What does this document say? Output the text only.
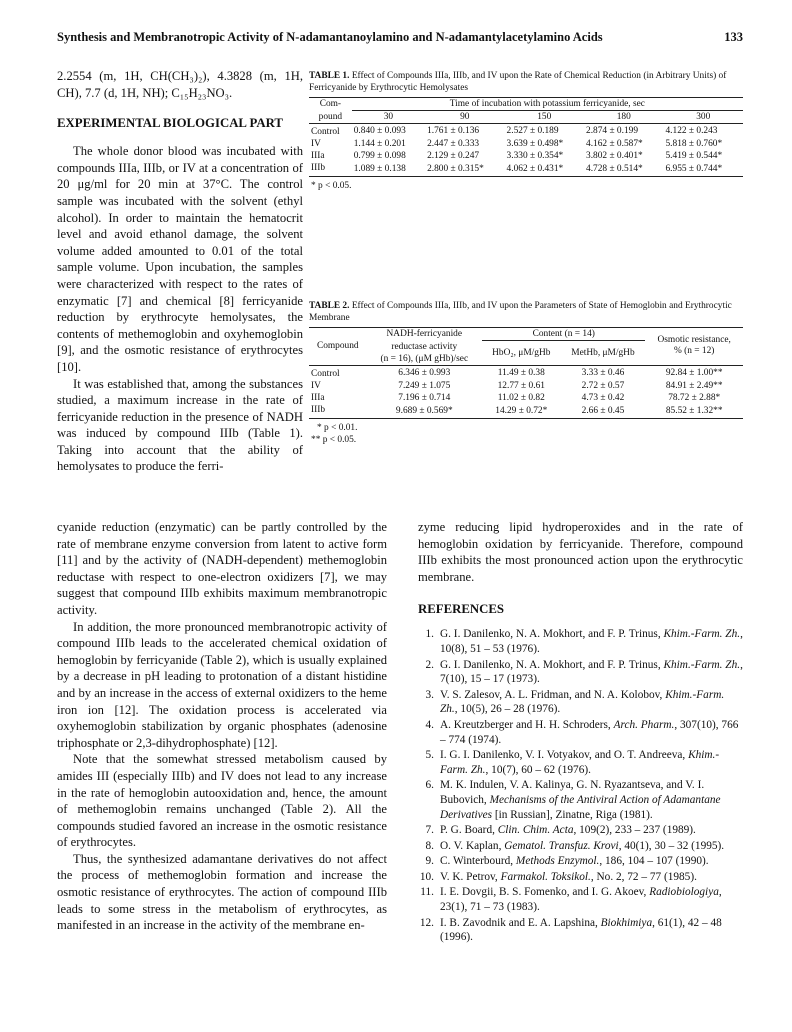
Synthesis and Membranotropic Activity of N-adamantanoylamino and N-adamantylacetylamino Acids	133

2.2554 (m, 1H, CH(CH₃)₂), 4.3828 (m, 1H, CH), 7.7 (d, 1H, NH); C₁₅H₂₃NO₃.

EXPERIMENTAL BIOLOGICAL PART

The whole donor blood was incubated with compounds IIIa, IIIb, or IV at a concentration of 20 μg/ml for 20 min at 37°C. The control sample was incubated with the solvent (ethyl alcohol). In order to maintain the hematocrit level and avoid ethanol damage, the solvent volume added amounted to 0.01 of the total sample volume. Upon incubation, the samples were characterized with respect to the rates of enzymatic [7] and chemical [8] ferricyanide reduction by erythrocyte hemolysates, the contents of methemoglobin and oxyhemoglobin [9], and the osmotic resistance of erythrocytes [10].

It was established that, among the substances studied, a maximum increase in the rate of ferricyanide reduction in the presence of NADH was induced by compound IIIb (Table 1). Taking into account that the ability of hemolysates to produce the ferri-

TABLE 1. Effect of Compounds IIIa, IIIb, and IV upon the Rate of Chemical Reduction (in Arbitrary Units) of Ferricyanide by Erythrocytic Hemolysates

Com-	Time of incubation with potassium ferricyanide, sec				
pound	30	90	150	180	300
Control	0.840 ± 0.093	1.761 ± 0.136	2.527 ± 0.189	2.874 ± 0.199	4.122 ± 0.243
IV	1.144 ± 0.201	2.447 ± 0.333	3.639 ± 0.498*	4.162 ± 0.587*	5.818 ± 0.760*
IIIa	0.799 ± 0.098	2.129 ± 0.247	3.330 ± 0.354*	3.802 ± 0.401*	5.419 ± 0.544*
IIIb	1.089 ± 0.138	2.800 ± 0.315*	4.062 ± 0.431*	4.728 ± 0.514*	6.955 ± 0.744*
* p < 0.05.

TABLE 2. Effect of Compounds IIIa, IIIb, and IV upon the Parameters of State of Hemoglobin and Erythrocytic Membrane

Compound	NADH-ferricyanide	Content (n = 14)		Osmotic resistance,
% (n = 12)
	reductase activity	HbO₂, μM/gHb	MetHb, μM/gHb	
	(n = 16), (μM gHb)/sec			
Control	6.346 ± 0.993	11.49 ± 0.38	3.33 ± 0.46	92.84 ± 1.00**
IV	7.249 ± 1.075	12.77 ± 0.61	2.72 ± 0.57	84.91 ± 2.49**
IIIa	7.196 ± 0.714	11.02 ± 0.82	4.73 ± 0.42	78.72 ± 2.88*
IIIb	9.689 ± 0.569*	14.29 ± 0.72*	2.66 ± 0.45	85.52 ± 1.32**
* p < 0.01.
** p < 0.05.

cyanide reduction (enzymatic) can be partly controlled by the rate of membrane enzyme conversion from latent to active form [11] and by the activity of (NADH-dependent) methemoglobin reductase with respect to one-electron oxidizers [7], we may suggest that compound IIIb exhibits maximum membranotropic activity.

In addition, the more pronounced membranotropic activity of compound IIIb leads to the accelerated chemical oxidation of hemoglobin by ferricyanide (Table 2), which is usually explained by a decrease in pH leading to protonation of a distant histidine and by an increase in the access of external oxidizers to the heme iron ion [12]. The oxidation process is accelerated via oxyhemoglobin stabilization by organic phosphates (adenosine triphosphate or 2,3-dihydrophosphate) [12].

Note that the somewhat stressed metabolism caused by amides III (especially IIIb) and IV does not lead to any increase in the rate of hemoglobin autooxidation and, hence, the amount of methemoglobin remains unchanged (Table 2). All the compounds studied favored an increase in the osmotic resistance of erythrocytes.

Thus, the synthesized adamantane derivatives do not affect the process of methemoglobin formation and increase the osmotic resistance of erythrocytes. The action of compound IIIb leads to some stress in the metabolism of erythrocytes, as manifested in an increase in the activity of the membrane en-

zyme reducing lipid hydroperoxides and in the rate of hemoglobin oxidation by ferricyanide. Therefore, compound IIIb exhibits the most pronounced action upon the erythrocytic membrane.

REFERENCES

1. G. I. Danilenko, N. A. Mokhort, and F. P. Trinus, Khim.-Farm. Zh., 10(8), 51 – 53 (1976).

2. G. I. Danilenko, N. A. Mokhort, and F. P. Trinus, Khim.-Farm. Zh., 7(10), 15 – 17 (1973).

3. V. S. Zalesov, A. L. Fridman, and N. A. Kolobov, Khim.-Farm. Zh., 10(5), 26 – 28 (1976).

4. A. Kreutzberger and H. H. Schroders, Arch. Pharm., 307(10), 766 – 774 (1974).

5. I. G. I. Danilenko, V. I. Votyakov, and O. T. Andreeva, Khim.-Farm. Zh., 10(7), 60 – 62 (1976).

6. M. K. Indulen, V. A. Kalinya, G. N. Ryazantseva, and V. I. Bubovich, Mechanisms of the Antiviral Action of Adamantane Derivatives [in Russian], Zinatne, Riga (1981).

7. P. G. Board, Clin. Chim. Acta, 109(2), 233 – 237 (1989).

8. O. V. Kaplan, Gematol. Transfuz. Krovi, 40(1), 30 – 32 (1995).

9. C. Winterbourd, Methods Enzymol., 186, 104 – 107 (1990).

10. V. K. Petrov, Farmakol. Toksikol., No. 2, 72 – 77 (1985).

11. I. E. Dovgii, B. S. Fomenko, and I. G. Akoev, Radiobiologiya, 23(1), 71 – 73 (1983).

12. I. B. Zavodnik and E. A. Lapshina, Biokhimiya, 61(1), 42 – 48 (1996).
